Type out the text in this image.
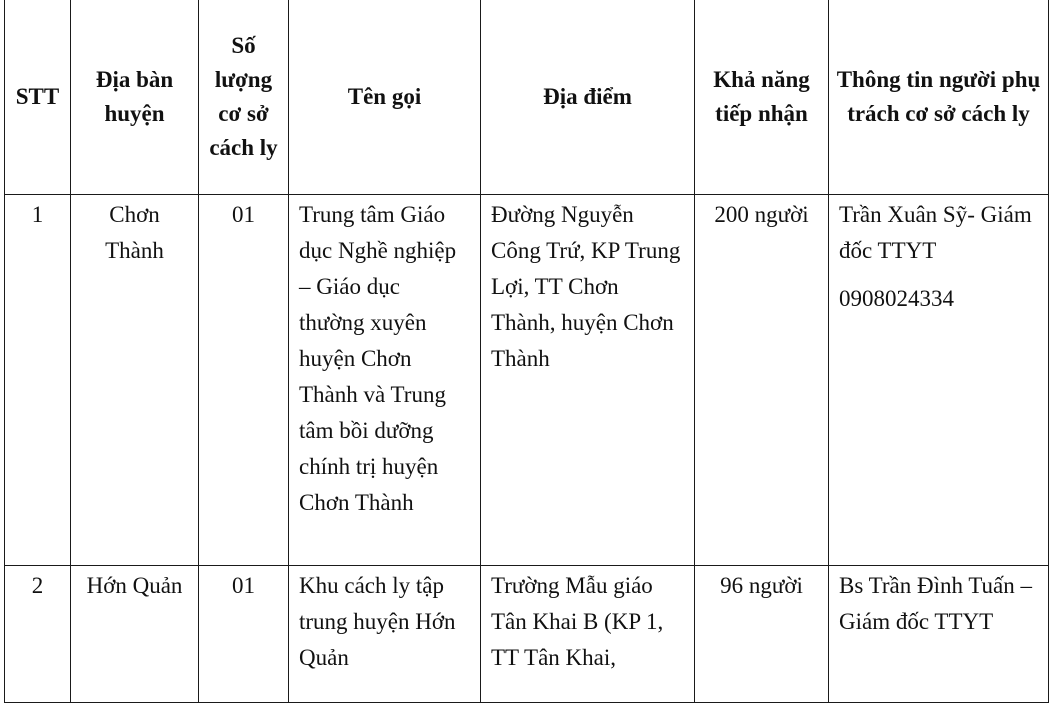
STT	Địa bàn huyện	Số lượng cơ sở cách ly	Tên gọi	Địa điểm	Khả năng tiếp nhận	Thông tin người phụ trách cơ sở cách ly
1	Chơn Thành	01	Trung tâm Giáo dục Nghề nghiệp – Giáo dục thường xuyên huyện Chơn Thành và Trung tâm bồi dưỡng chính trị huyện Chơn Thành	Đường Nguyễn Công Trứ, KP Trung Lợi, TT Chơn Thành, huyện Chơn Thành	200 người	Trần Xuân Sỹ- Giám đốc TTYT
0908024334

2	Hớn Quản	01	Khu cách ly tập trung huyện Hớn Quản	Trường Mẫu giáo Tân Khai B (KP 1, TT Tân Khai,	96 người	Bs Trần Đình Tuấn – Giám đốc TTYT
